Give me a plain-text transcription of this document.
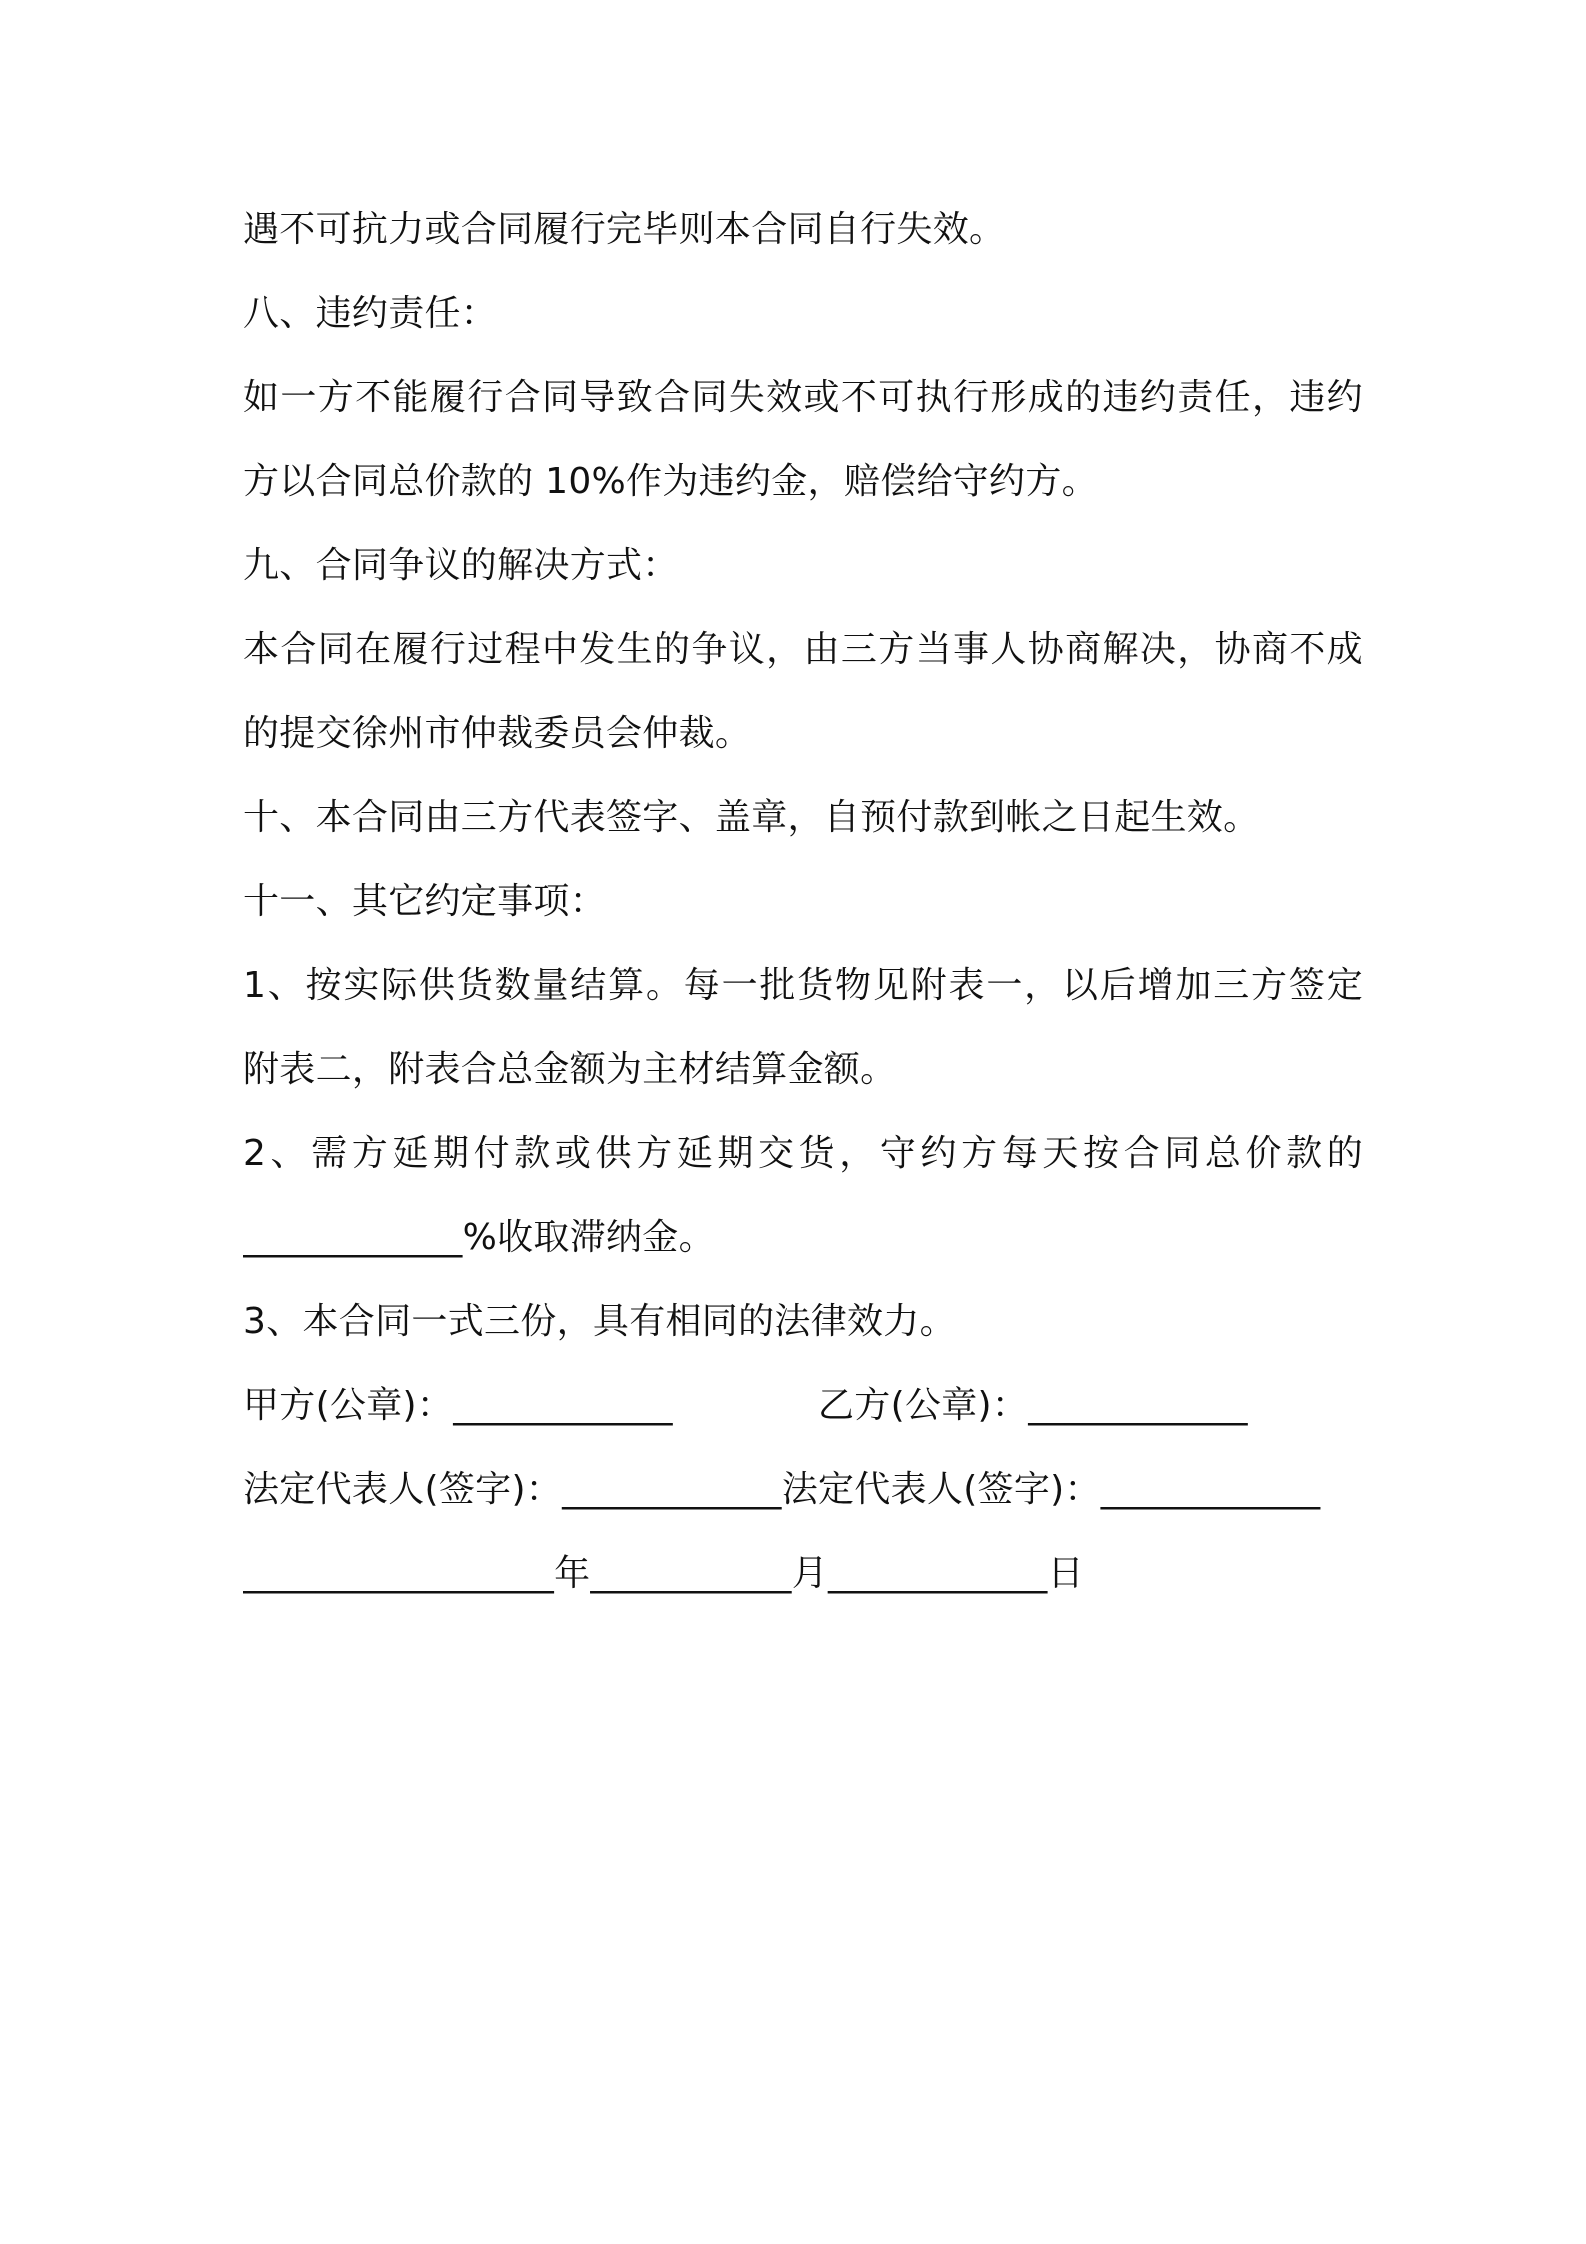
遇不可抗力或合同履行完毕则本合同自行失效。
八、违约责任：
如一方不能履行合同导致合同失效或不可执行形成的违约责任，违约
方以合同总价款的 10%作为违约金，赔偿给守约方。
九、合同争议的解决方式：
本合同在履行过程中发生的争议，由三方当事人协商解决，协商不成
的提交徐州市仲裁委员会仲裁。
十、本合同由三方代表签字、盖章，自预付款到帐之日起生效。
十一、其它约定事项：
1、按实际供货数量结算。每一批货物见附表一，以后增加三方签定
附表二，附表合总金额为主材结算金额。
2、需方延期付款或供方延期交货，守约方每天按合同总价款的
____________%收取滞纳金。
3、本合同一式三份，具有相同的法律效力。
甲方(公章)：____________	乙方(公章)：____________
法定代表人(签字)：____________法定代表人(签字)：____________
_________________年___________月____________日
